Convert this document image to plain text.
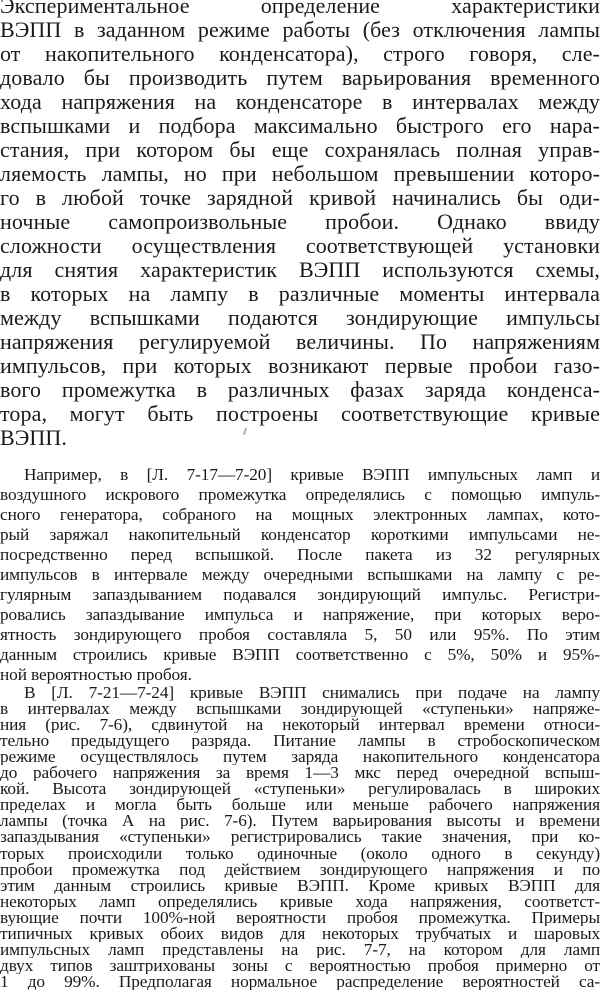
Экспериментальное определение характеристики
ВЭПП в заданном режиме работы (без отключения лампы
от накопительного конденсатора), строго говоря, сле-
довало бы производить путем варьирования временного
хода напряжения на конденсаторе в интервалах между
вспышками и подбора максимально быстрого его нара-
стания, при котором бы еще сохранялась полная управ-
ляемость лампы, но при небольшом превышении которо-
го в любой точке зарядной кривой начинались бы оди-
ночные самопроизвольные пробои. Однако ввиду
сложности осуществления соответствующей установки
для снятия характеристик ВЭПП используются схемы,
в которых на лампу в различные моменты интервала
между вспышками подаются зондирующие импульсы
напряжения регулируемой величины. По напряжениям
импульсов, при которых возникают первые пробои газо-
вого промежутка в различных фазах заряда конденса-
тора, могут быть построены соответствующие кривые
ВЭПП.
Например, в [Л. 7-17—7-20] кривые ВЭПП импульсных ламп и
воздушного искрового промежутка определялись с помощью импуль-
сного генератора, собраного на мощных электронных лампах, кото-
рый заряжал накопительный конденсатор короткими импульсами не-
посредственно перед вспышкой. После пакета из 32 регулярных
импульсов в интервале между очередными вспышками на лампу с ре-
гулярным запаздыванием подавался зондирующий импульс. Регистри-
ровались запаздывание импульса и напряжение, при которых веро-
ятность зондирующего пробоя составляла 5, 50 или 95%. По этим
данным строились кривые ВЭПП соответственно с 5%, 50% и 95%-
ной вероятностью пробоя.
В [Л. 7-21—7-24] кривые ВЭПП снимались при подаче на лампу
в интервалах между вспышками зондирующей «ступеньки» напряже-
ния (рис. 7-6), сдвинутой на некоторый интервал времени относи-
тельно предыдущего разряда. Питание лампы в стробоскопическом
режиме осуществлялось путем заряда накопительного конденсатора
до рабочего напряжения за время 1—3 мкс перед очередной вспыш-
кой. Высота зондирующей «ступеньки» регулировалась в широких
пределах и могла быть больше или меньше рабочего напряжения
лампы (точка А на рис. 7-6). Путем варьирования высоты и времени
запаздывания «ступеньки» регистрировались такие значения, при ко-
торых происходили только одиночные (около одного в секунду)
пробои промежутка под действием зондирующего напряжения и по
этим данным строились кривые ВЭПП. Кроме кривых ВЭПП для
некоторых ламп определялись кривые хода напряжения, соответст-
вующие почти 100%-ной вероятности пробоя промежутка. Примеры
типичных кривых обоих видов для некоторых трубчатых и шаровых
импульсных ламп представлены на рис. 7-7, на котором для ламп
двух типов заштрихованы зоны с вероятностью пробоя примерно от
1 до 99%. Предполагая нормальное распределение вероятностей са-
